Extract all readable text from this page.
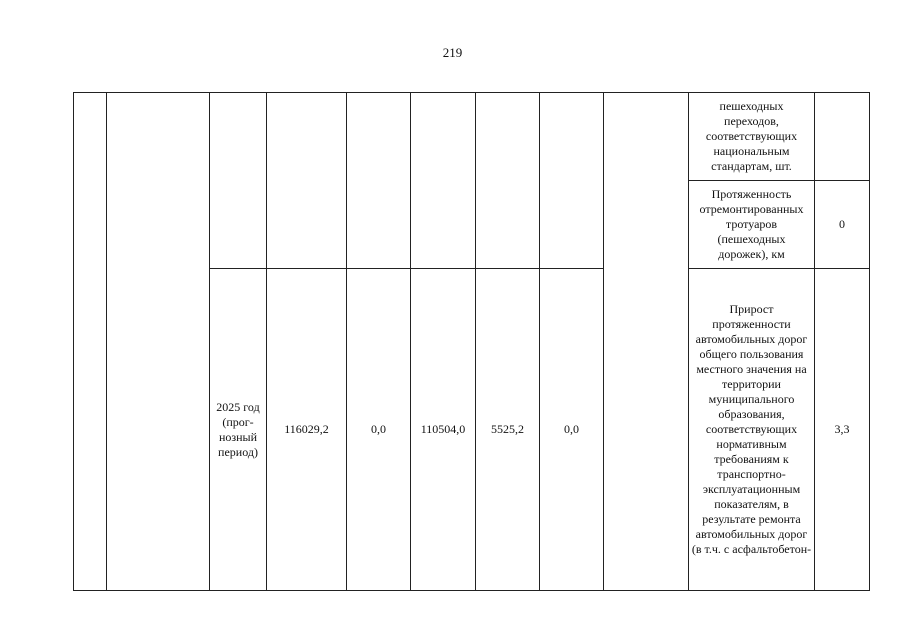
219
									пешеходных переходов, соответствующих национальным стандартам, шт.	
									Протяженность отремонтированных тротуаров (пешеходных дорожек), км	0
		2025 год (прог-нозный период)	116029,2	0,0	110504,0	5525,2	0,0		Прирост протяженности автомобильных дорог общего пользования местного значения на территории муниципального образования, соответствующих нормативным требованиям к транспортно-эксплуатационным показателям, в результате ремонта автомобильных дорог (в т.ч. с асфальтобетон-	3,3
